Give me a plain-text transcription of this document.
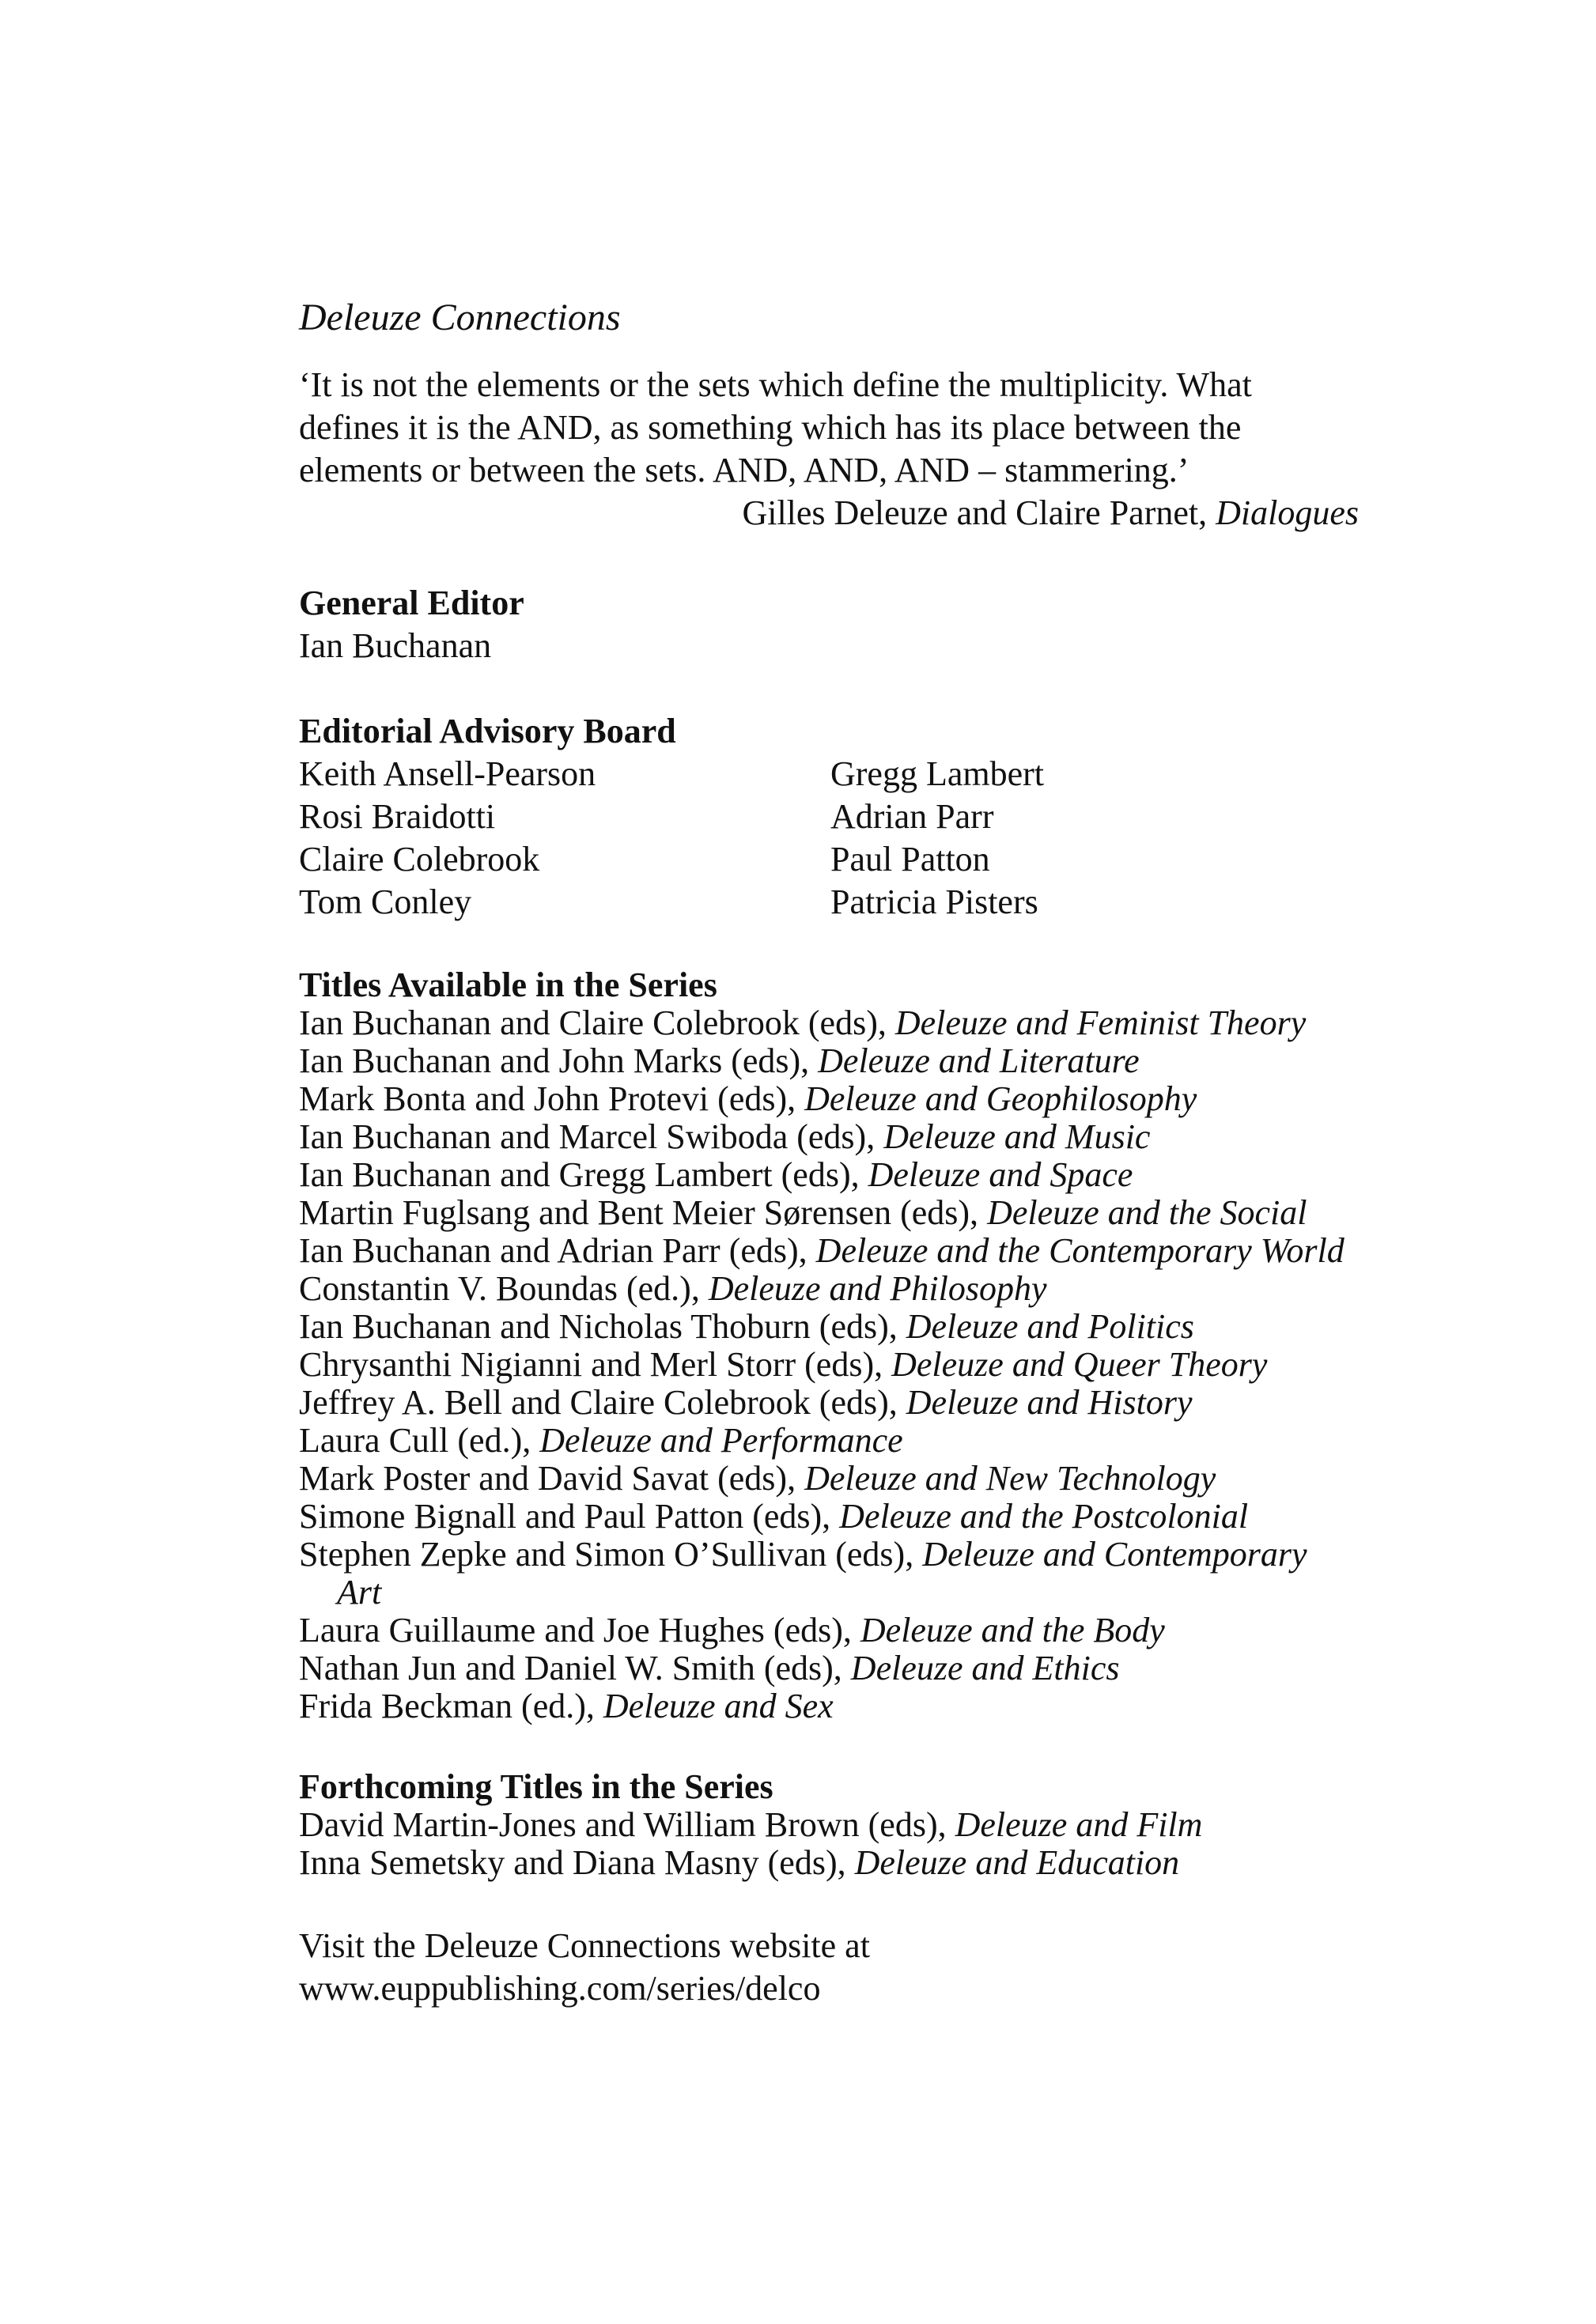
Deleuze Connections

‘It is not the elements or the sets which define the multiplicity. What

defines it is the AND, as something which has its place between the

elements or between the sets. AND, AND, AND – stammering.’

Gilles Deleuze and Claire Parnet, Dialogues

General Editor

Ian Buchanan

Editorial Advisory Board

Keith Ansell-Pearson	Gregg Lambert
Rosi Braidotti	Adrian Parr
Claire Colebrook	Paul Patton
Tom Conley	Patricia Pisters

Titles Available in the Series

Ian Buchanan and Claire Colebrook (eds), Deleuze and Feminist Theory
Ian Buchanan and John Marks (eds), Deleuze and Literature
Mark Bonta and John Protevi (eds), Deleuze and Geophilosophy
Ian Buchanan and Marcel Swiboda (eds), Deleuze and Music
Ian Buchanan and Gregg Lambert (eds), Deleuze and Space
Martin Fuglsang and Bent Meier Sørensen (eds), Deleuze and the Social
Ian Buchanan and Adrian Parr (eds), Deleuze and the Contemporary World
Constantin V. Boundas (ed.), Deleuze and Philosophy
Ian Buchanan and Nicholas Thoburn (eds), Deleuze and Politics
Chrysanthi Nigianni and Merl Storr (eds), Deleuze and Queer Theory
Jeffrey A. Bell and Claire Colebrook (eds), Deleuze and History
Laura Cull (ed.), Deleuze and Performance
Mark Poster and David Savat (eds), Deleuze and New Technology
Simone Bignall and Paul Patton (eds), Deleuze and the Postcolonial
Stephen Zepke and Simon O’Sullivan (eds), Deleuze and Contemporary Art
Laura Guillaume and Joe Hughes (eds), Deleuze and the Body
Nathan Jun and Daniel W. Smith (eds), Deleuze and Ethics
Frida Beckman (ed.), Deleuze and Sex

Forthcoming Titles in the Series

David Martin-Jones and William Brown (eds), Deleuze and Film
Inna Semetsky and Diana Masny (eds), Deleuze and Education

Visit the Deleuze Connections website at

www.euppublishing.com/series/delco
